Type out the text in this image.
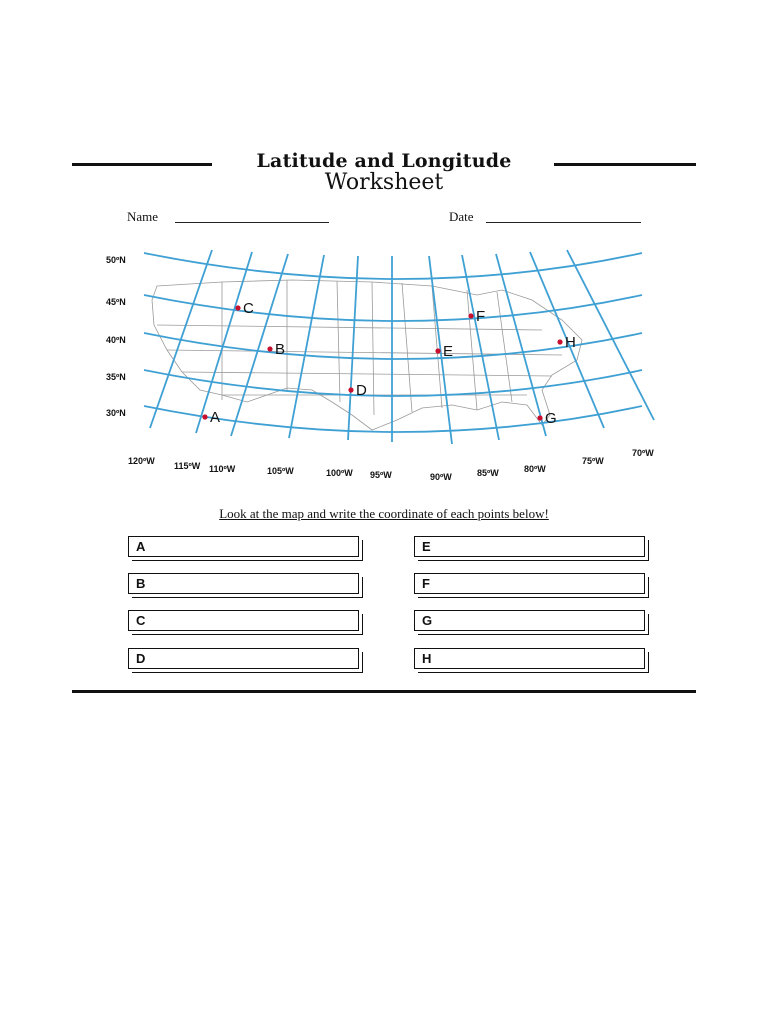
Latitude and Longitude
Worksheet
Name	Date
50ºN
45ºN
40ºN
35ºN
30ºN
120ºW 115ºW 110ºW	105ºW	100ºW 95ºW	90ºW	85ºW	80ºW
75ºW
70ºW
A
B
C
D
E
F
G
H
Look at the map and write the coordinate of each points below!
A
B
C
D
E
F
G
H
